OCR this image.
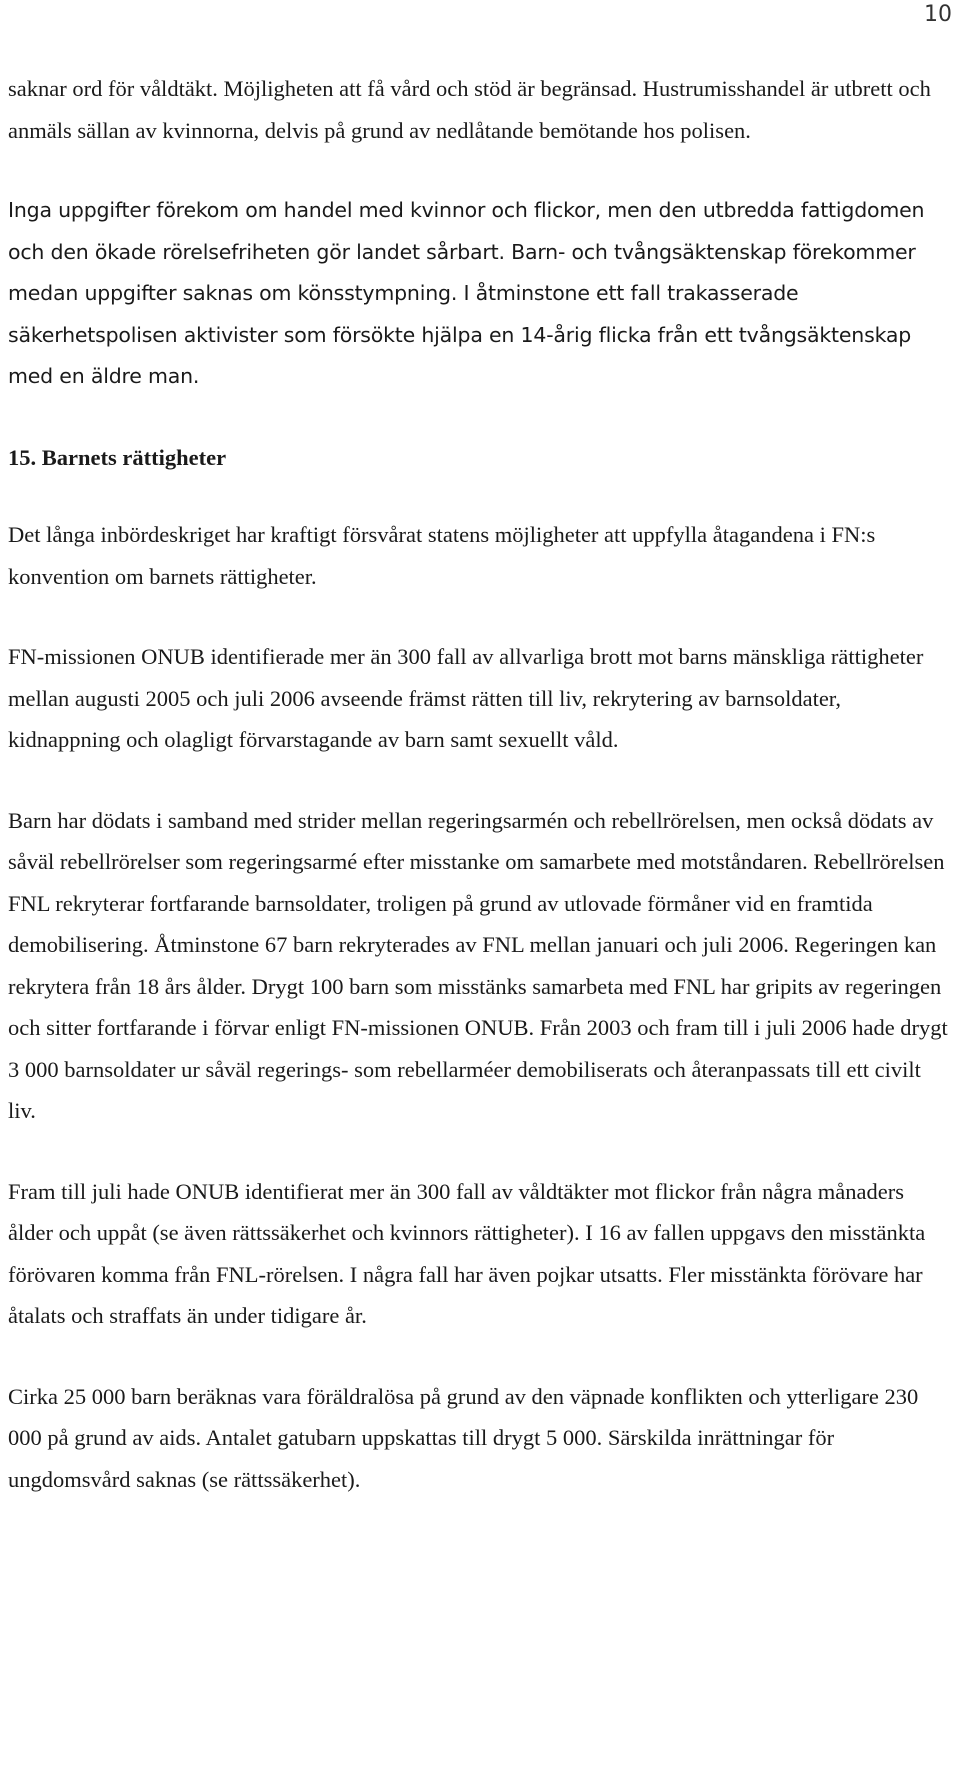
10

saknar ord för våldtäkt. Möjligheten att få vård och stöd är begränsad. Hustrumisshandel är utbrett och anmäls sällan av kvinnorna, delvis på grund av nedlåtande bemötande hos polisen.

Inga uppgifter förekom om handel med kvinnor och flickor, men den utbredda fattigdomen och den ökade rörelsefriheten gör landet sårbart. Barn- och tvångsäktenskap förekommer medan uppgifter saknas om könsstympning. I åtminstone ett fall trakasserade säkerhetspolisen aktivister som försökte hjälpa en 14-årig flicka från ett tvångsäktenskap med en äldre man.

15. Barnets rättigheter

Det långa inbördeskriget har kraftigt försvårat statens möjligheter att uppfylla åtagandena i FN:s konvention om barnets rättigheter.

FN-missionen ONUB identifierade mer än 300 fall av allvarliga brott mot barns mänskliga rättigheter mellan augusti 2005 och juli 2006 avseende främst rätten till liv, rekrytering av barnsoldater, kidnappning och olagligt förvarstagande av barn samt sexuellt våld.

Barn har dödats i samband med strider mellan regeringsarmén och rebellrörelsen, men också dödats av såväl rebellrörelser som regeringsarmé efter misstanke om samarbete med motståndaren. Rebellrörelsen FNL rekryterar fortfarande barnsoldater, troligen på grund av utlovade förmåner vid en framtida demobilisering. Åtminstone 67 barn rekryterades av FNL mellan januari och juli 2006. Regeringen kan rekrytera från 18 års ålder. Drygt 100 barn som misstänks samarbeta med FNL har gripits av regeringen och sitter fortfarande i förvar enligt FN-missionen ONUB. Från 2003 och fram till i juli 2006 hade drygt 3 000 barnsoldater ur såväl regerings- som rebellarméer demobiliserats och återanpassats till ett civilt liv.

Fram till juli hade ONUB identifierat mer än 300 fall av våldtäkter mot flickor från några månaders ålder och uppåt (se även rättssäkerhet och kvinnors rättigheter). I 16 av fallen uppgavs den misstänkta förövaren komma från FNL-rörelsen. I några fall har även pojkar utsatts. Fler misstänkta förövare har åtalats och straffats än under tidigare år.

Cirka 25 000 barn beräknas vara föräldralösa på grund av den väpnade konflikten och ytterligare 230 000 på grund av aids. Antalet gatubarn uppskattas till drygt 5 000. Särskilda inrättningar för ungdomsvård saknas (se rättssäkerhet).
